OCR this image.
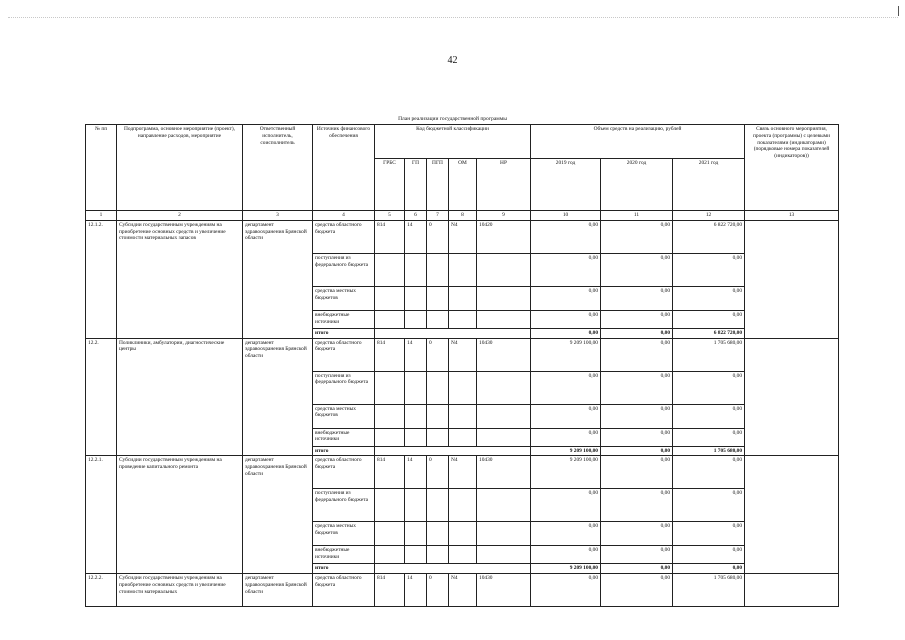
42
План реализации государственной программы
№ пп	Подпрограмма, основное мероприятие (проект), направление расходов, мероприятие	Ответственный исполнитель, соисполнитель	Источник финансового обеспечения	Код бюджетной классификации					Объем средств на реализацию, рублей			Связь основного мероприятия, проекта (программы) с целевыми показателями (индикаторами) (порядковые номера показателей (индикаторов))
				ГРБС	ГП	ПГП	ОМ	НР	2019 год	2020 год	2021 год	
1	2	3	4	5	6	7	8	9	10	11	12	13
12.1.2.	Субсидии государственным учреждениям на приобретение основных средств и увеличение стоимости материальных запасов	департамент здравоохранения Брянской области	средства областного бюджета	814	14	0	N4	10420	0,00	0,00	6 822 720,00	
			поступления из федерального бюджета						0,00	0,00	0,00	
			средства местных бюджетов						0,00	0,00	0,00	
			внебюджетные источники						0,00	0,00	0,00	
			итого						0,00	0,00	6 822 720,00	
12.2.	Поликлиники, амбулатории, диагностические центры	департамент здравоохранения Брянской области	средства областного бюджета	814	14	0	N4	10430	9 209 100,00	0,00	1 705 680,00	
			поступления из федерального бюджета						0,00	0,00	0,00	
			средства местных бюджетов						0,00	0,00	0,00	
			внебюджетные источники						0,00	0,00	0,00	
			итого						9 209 100,00	0,00	1 705 680,00	
12.2.1.	Субсидии государственным учреждениям на проведение капитального ремонта	департамент здравоохранения Брянской области	средства областного бюджета	814	14	0	N4	10430	9 209 100,00	0,00	0,00	
			поступления из федерального бюджета						0,00	0,00	0,00	
			средства местных бюджетов						0,00	0,00	0,00	
			внебюджетные источники						0,00	0,00	0,00	
			итого						9 209 100,00	0,00	0,00	
12.2.2.	Субсидии государственным учреждениям на приобретение основных средств и увеличение стоимости материальных	департамент здравоохранения Брянской области	средства областного бюджета	814	14	0	N4	10430	0,00	0,00	1 705 680,00	
